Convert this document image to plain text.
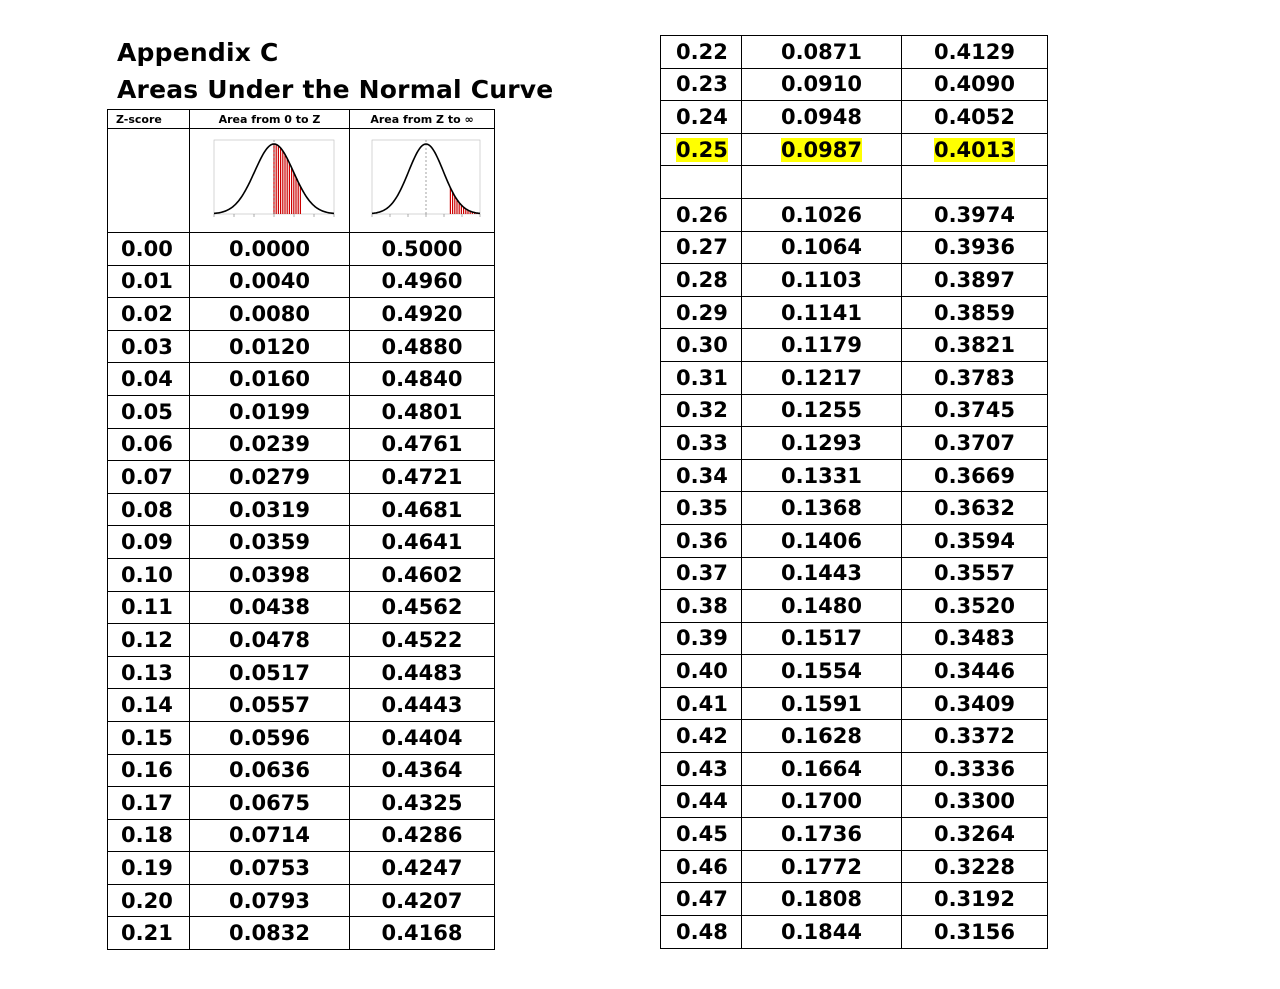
Appendix C
Areas Under the Normal Curve
Z-score	Area from 0 to Z	Area from Z to ∞

0.00	0.0000	0.5000
0.01	0.0040	0.4960
0.02	0.0080	0.4920
0.03	0.0120	0.4880
0.04	0.0160	0.4840
0.05	0.0199	0.4801
0.06	0.0239	0.4761
0.07	0.0279	0.4721
0.08	0.0319	0.4681
0.09	0.0359	0.4641
0.10	0.0398	0.4602
0.11	0.0438	0.4562
0.12	0.0478	0.4522
0.13	0.0517	0.4483
0.14	0.0557	0.4443
0.15	0.0596	0.4404
0.16	0.0636	0.4364
0.17	0.0675	0.4325
0.18	0.0714	0.4286
0.19	0.0753	0.4247
0.20	0.0793	0.4207
0.21	0.0832	0.4168
0.22	0.0871	0.4129
0.23	0.0910	0.4090
0.24	0.0948	0.4052
0.25	0.0987	0.4013

0.26	0.1026	0.3974
0.27	0.1064	0.3936
0.28	0.1103	0.3897
0.29	0.1141	0.3859
0.30	0.1179	0.3821
0.31	0.1217	0.3783
0.32	0.1255	0.3745
0.33	0.1293	0.3707
0.34	0.1331	0.3669
0.35	0.1368	0.3632
0.36	0.1406	0.3594
0.37	0.1443	0.3557
0.38	0.1480	0.3520
0.39	0.1517	0.3483
0.40	0.1554	0.3446
0.41	0.1591	0.3409
0.42	0.1628	0.3372
0.43	0.1664	0.3336
0.44	0.1700	0.3300
0.45	0.1736	0.3264
0.46	0.1772	0.3228
0.47	0.1808	0.3192
0.48	0.1844	0.3156
